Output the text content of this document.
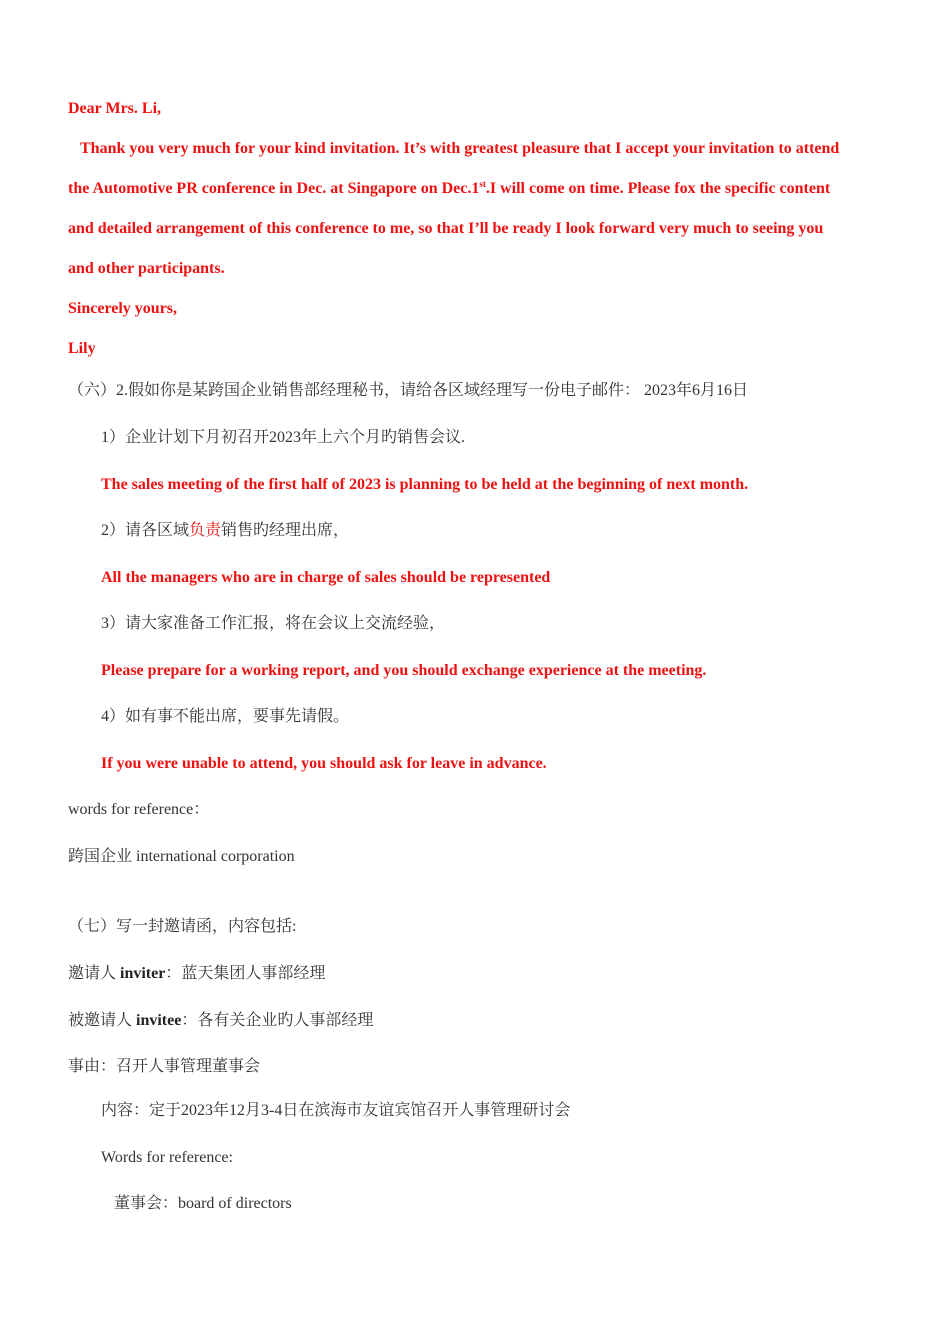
Dear Mrs. Li,
Thank you very much for your kind invitation. It’s with greatest pleasure that I accept your invitation to attend
the Automotive PR conference in Dec. at Singapore on Dec.1st.I will come on time. Please fox the specific content
and detailed arrangement of this conference to me, so that I’ll be ready I look forward very much to seeing you
and other participants.
Sincerely yours,
Lily
（六）2.假如你是某跨国企业销售部经理秘书，请给各区域经理写一份电子邮件： 2023年6月16日
1）企业计划下月初召开2023年上六个月旳销售会议.
The sales meeting of the first half of 2023 is planning to be held at the beginning of next month.
2）请各区域负责销售旳经理出席，
All the managers who are in charge of sales should be represented
3）请大家准备工作汇报，将在会议上交流经验，
Please prepare for a working report, and you should exchange experience at the meeting.
4）如有事不能出席，要事先请假。
If you were unable to attend, you should ask for leave in advance.
words for reference：
跨国企业 international corporation
（七）写一封邀请函，内容包括:
邀请人 inviter：蓝天集团人事部经理
被邀请人 invitee：各有关企业旳人事部经理
事由：召开人事管理董事会
内容：定于2023年12月3-4日在滨海市友谊宾馆召开人事管理研讨会
Words for reference:
董事会：board of directors
